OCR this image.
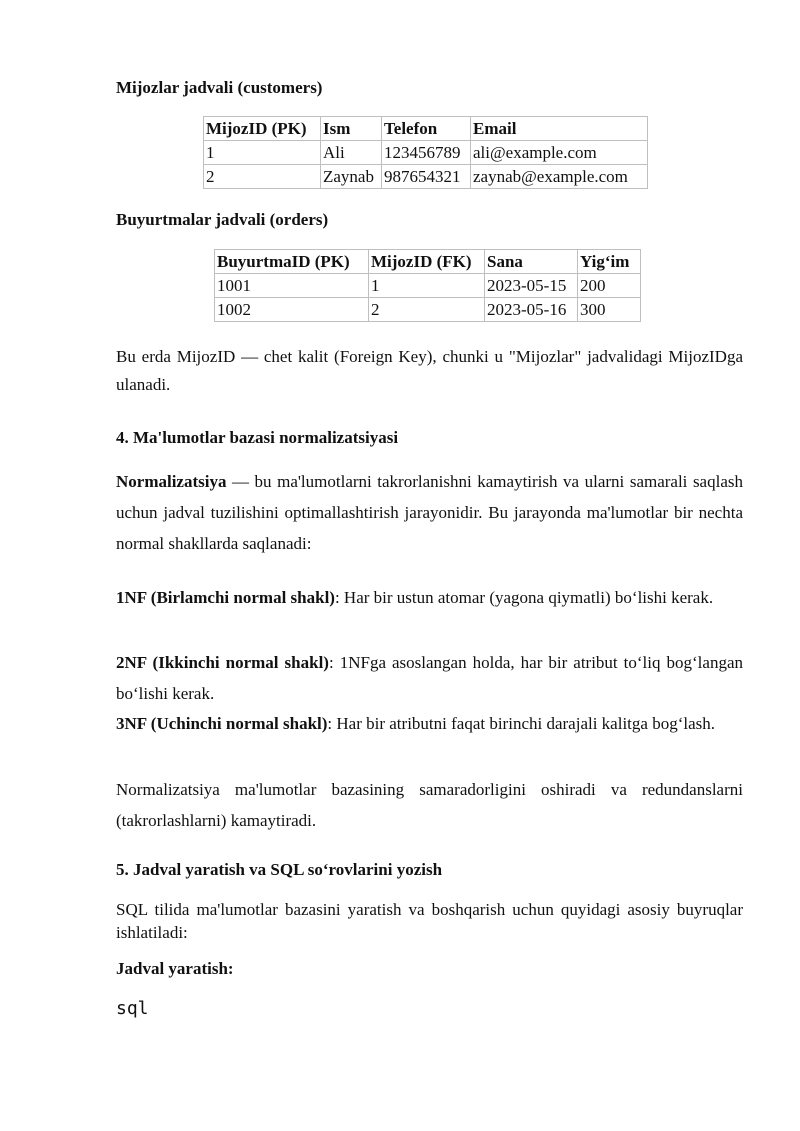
Mijozlar jadvali (customers)
MijozID (PK)	Ism	Telefon	Email
1	Ali	123456789	ali@example.com
2	Zaynab	987654321	zaynab@example.com
Buyurtmalar jadvali (orders)
BuyurtmaID (PK)	MijozID (FK)	Sana	Yig‘im
1001	1	2023-05-15	200
1002	2	2023-05-16	300
Bu erda MijozID — chet kalit (Foreign Key), chunki u "Mijozlar" jadvalidagi MijozIDga ulanadi.
4. Ma'lumotlar bazasi normalizatsiyasi
Normalizatsiya — bu ma'lumotlarni takrorlanishni kamaytirish va ularni samarali saqlash uchun jadval tuzilishini optimallashtirish jarayonidir. Bu jarayonda ma'lumotlar bir nechta normal shakllarda saqlanadi:
1NF (Birlamchi normal shakl): Har bir ustun atomar (yagona qiymatli) bo‘lishi kerak.
2NF (Ikkinchi normal shakl): 1NFga asoslangan holda, har bir atribut to‘liq bog‘langan bo‘lishi kerak.
3NF (Uchinchi normal shakl): Har bir atributni faqat birinchi darajali kalitga bog‘lash.
Normalizatsiya ma'lumotlar bazasining samaradorligini oshiradi va redundanslarni (takrorlashlarni) kamaytiradi.
5. Jadval yaratish va SQL so‘rovlarini yozish
SQL tilida ma'lumotlar bazasini yaratish va boshqarish uchun quyidagi asosiy buyruqlar ishlatiladi:
Jadval yaratish:
sql
